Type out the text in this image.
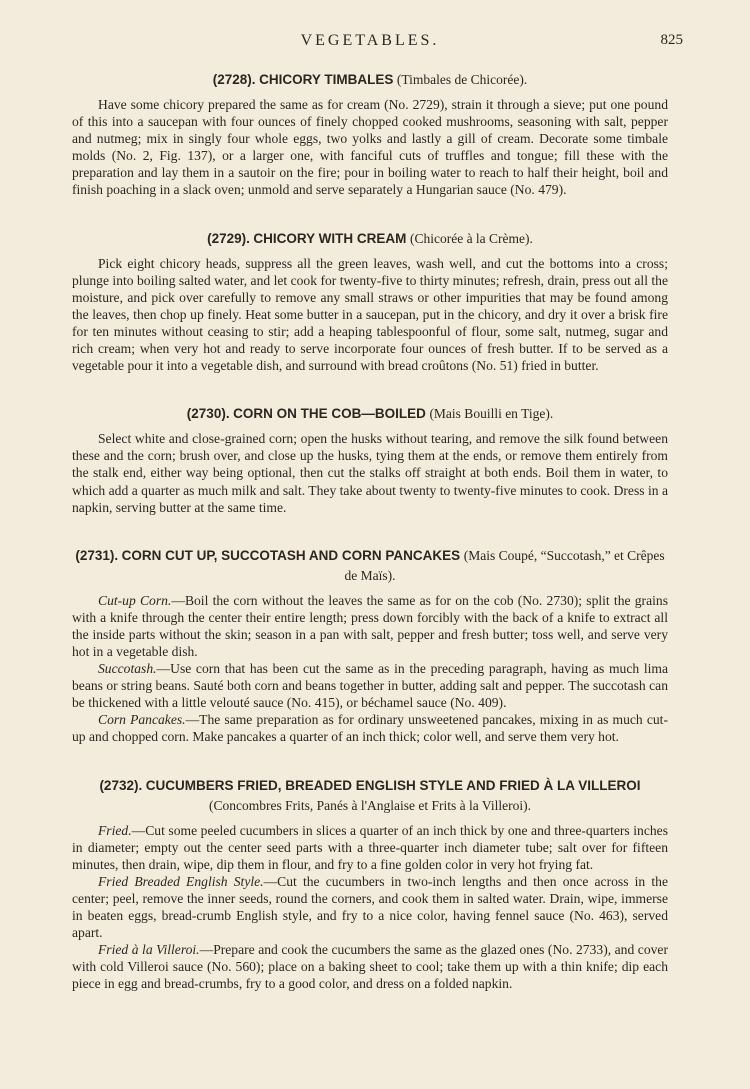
VEGETABLES.	825
(2728). CHICORY TIMBALES (Timbales de Chicorée).

Have some chicory prepared the same as for cream (No. 2729), strain it through a sieve; put one pound of this into a saucepan with four ounces of finely chopped cooked mushrooms, seasoning with salt, pepper and nutmeg; mix in singly four whole eggs, two yolks and lastly a gill of cream. Decorate some timbale molds (No. 2, Fig. 137), or a larger one, with fanciful cuts of truffles and tongue; fill these with the preparation and lay them in a sautoir on the fire; pour in boiling water to reach to half their height, boil and finish poaching in a slack oven; unmold and serve separately a Hungarian sauce (No. 479).

(2729). CHICORY WITH CREAM (Chicorée à la Crème).

Pick eight chicory heads, suppress all the green leaves, wash well, and cut the bottoms into a cross; plunge into boiling salted water, and let cook for twenty-five to thirty minutes; refresh, drain, press out all the moisture, and pick over carefully to remove any small straws or other impurities that may be found among the leaves, then chop up finely. Heat some butter in a saucepan, put in the chicory, and dry it over a brisk fire for ten minutes without ceasing to stir; add a heaping tablespoonful of flour, some salt, nutmeg, sugar and rich cream; when very hot and ready to serve incorporate four ounces of fresh butter. If to be served as a vegetable pour it into a vegetable dish, and surround with bread croûtons (No. 51) fried in butter.

(2730). CORN ON THE COB—BOILED (Mais Bouilli en Tige).

Select white and close-grained corn; open the husks without tearing, and remove the silk found between these and the corn; brush over, and close up the husks, tying them at the ends, or remove them entirely from the stalk end, either way being optional, then cut the stalks off straight at both ends. Boil them in water, to which add a quarter as much milk and salt. They take about twenty to twenty-five minutes to cook. Dress in a napkin, serving butter at the same time.

(2731). CORN CUT UP, SUCCOTASH AND CORN PANCAKES (Mais Coupé, “Succotash,” et Crêpes de Maïs).

Cut-up Corn.—Boil the corn without the leaves the same as for on the cob (No. 2730); split the grains with a knife through the center their entire length; press down forcibly with the back of a knife to extract all the inside parts without the skin; season in a pan with salt, pepper and fresh butter; toss well, and serve very hot in a vegetable dish.

Succotash.—Use corn that has been cut the same as in the preceding paragraph, having as much lima beans or string beans. Sauté both corn and beans together in butter, adding salt and pepper. The succotash can be thickened with a little velouté sauce (No. 415), or béchamel sauce (No. 409).

Corn Pancakes.—The same preparation as for ordinary unsweetened pancakes, mixing in as much cut-up and chopped corn. Make pancakes a quarter of an inch thick; color well, and serve them very hot.

(2732). CUCUMBERS FRIED, BREADED ENGLISH STYLE AND FRIED À LA VILLEROI (Concombres Frits, Panés à l'Anglaise et Frits à la Villeroi).

Fried.—Cut some peeled cucumbers in slices a quarter of an inch thick by one and three-quarters inches in diameter; empty out the center seed parts with a three-quarter inch diameter tube; salt over for fifteen minutes, then drain, wipe, dip them in flour, and fry to a fine golden color in very hot frying fat.

Fried Breaded English Style.—Cut the cucumbers in two-inch lengths and then once across in the center; peel, remove the inner seeds, round the corners, and cook them in salted water. Drain, wipe, immerse in beaten eggs, bread-crumb English style, and fry to a nice color, having fennel sauce (No. 463), served apart.

Fried à la Villeroi.—Prepare and cook the cucumbers the same as the glazed ones (No. 2733), and cover with cold Villeroi sauce (No. 560); place on a baking sheet to cool; take them up with a thin knife; dip each piece in egg and bread-crumbs, fry to a good color, and dress on a folded napkin.
